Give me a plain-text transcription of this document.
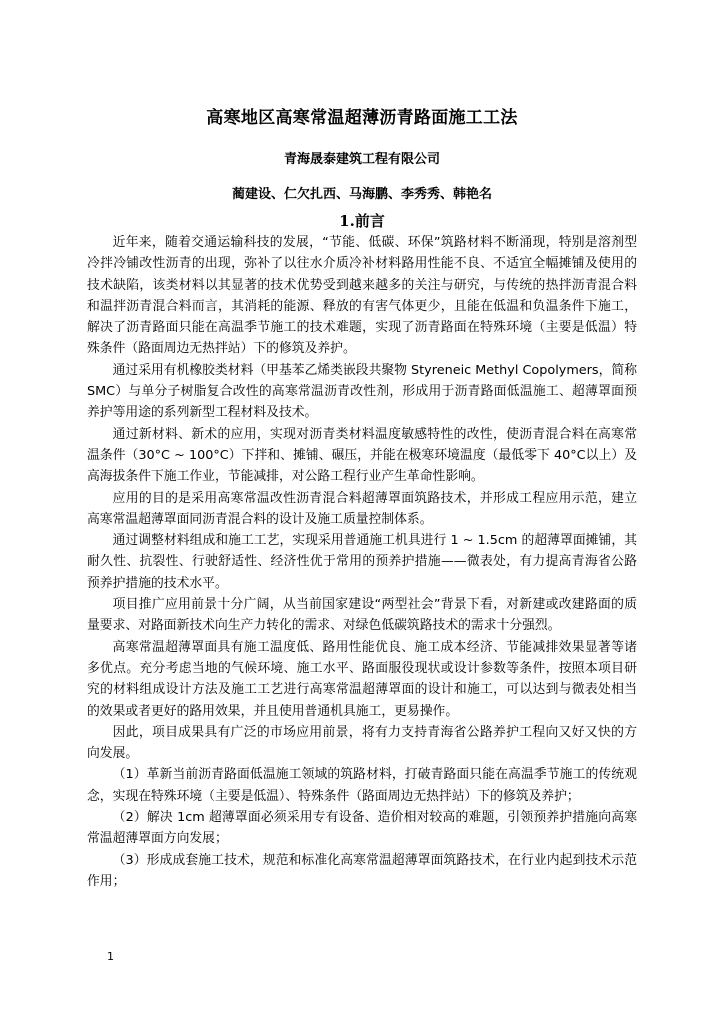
高寒地区高寒常温超薄沥青路面施工工法
青海晟泰建筑工程有限公司
蔺建设、仁欠扎西、马海鹏、李秀秀、韩艳名
1.前言

近年来，随着交通运输科技的发展，“节能、低碳、环保”筑路材料不断涌现，特别是溶剂型冷拌冷铺改性沥青的出现，弥补了以往水介质冷补材料路用性能不良、不适宜全幅摊铺及使用的技术缺陷，该类材料以其显著的技术优势受到越来越多的关注与研究，与传统的热拌沥青混合料和温拌沥青混合料而言，其消耗的能源、释放的有害气体更少，且能在低温和负温条件下施工，解决了沥青路面只能在高温季节施工的技术难题，实现了沥青路面在特殊环境（主要是低温）特殊条件（路面周边无热拌站）下的修筑及养护。

通过采用有机橡胶类材料（甲基苯乙烯类嵌段共聚物 Styreneic Methyl Copolymers，简称 SMC）与单分子树脂复合改性的高寒常温沥青改性剂，形成用于沥青路面低温施工、超薄罩面预养护等用途的系列新型工程材料及技术。

通过新材料、新术的应用，实现对沥青类材料温度敏感特性的改性，使沥青混合料在高寒常温条件（30°C ~ 100°C）下拌和、摊铺、碾压，并能在极寒环境温度（最低零下 40°C以上）及高海拔条件下施工作业，节能减排，对公路工程行业产生革命性影响。

应用的目的是采用高寒常温改性沥青混合料超薄罩面筑路技术，并形成工程应用示范，建立高寒常温超薄罩面同沥青混合料的设计及施工质量控制体系。

通过调整材料组成和施工工艺，实现采用普通施工机具进行 1 ~ 1.5cm 的超薄罩面摊铺，其耐久性、抗裂性、行驶舒适性、经济性优于常用的预养护措施——微表处，有力提高青海省公路预养护措施的技术水平。

项目推广应用前景十分广阔，从当前国家建设“两型社会”背景下看，对新建或改建路面的质量要求、对路面新技术向生产力转化的需求、对绿色低碳筑路技术的需求十分强烈。

高寒常温超薄罩面具有施工温度低、路用性能优良、施工成本经济、节能减排效果显著等诸多优点。充分考虑当地的气候环境、施工水平、路面服役现状或设计参数等条件，按照本项目研究的材料组成设计方法及施工工艺进行高寒常温超薄罩面的设计和施工，可以达到与微表处相当的效果或者更好的路用效果，并且使用普通机具施工，更易操作。

因此，项目成果具有广泛的市场应用前景，将有力支持青海省公路养护工程向又好又快的方向发展。

（1）革新当前沥青路面低温施工领域的筑路材料，打破青路面只能在高温季节施工的传统观念，实现在特殊环境（主要是低温）、特殊条件（路面周边无热拌站）下的修筑及养护；

（2）解决 1cm 超薄罩面必须采用专有设备、造价相对较高的难题，引领预养护措施向高寒常温超薄罩面方向发展；

（3）形成成套施工技术，规范和标准化高寒常温超薄罩面筑路技术，在行业内起到技术示范作用；

1
